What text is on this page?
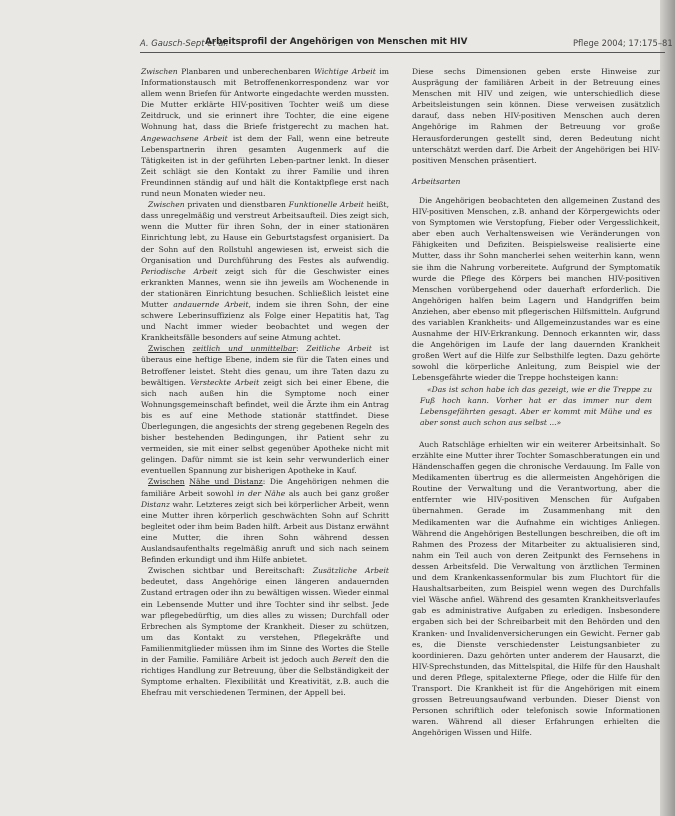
A. Gausch-Sept et al.
Arbeitsprofil der Angehörigen von Menschen mit HIV	Pflege 2004; 17:175–81

Zwischen Planbaren und unberechenbaren Wichtige Arbeit im Informationstausch mit Betroffenenkorrespondenz war vor allem wenn Briefen für Antworte eingedachte werden mussten. Die Mutter erklärte HIV-positiven Tochter weiß um diese Zeitdruck, und sie erinnert ihre Tochter, die eine eigene Wohnung hat, dass die Briefe fristgerecht zu machen hat. Angewachsene Arbeit ist dem der Fall, wenn eine betreute Lebenspartnerin ihren gesamten Augenmerk auf die Tätigkeiten ist in der geführten Leben-partner lenkt. In dieser Zeit schlägt sie den Kontakt zu ihrer Familie und ihren Freundinnen ständig auf und hält die Kontaktpflege erst nach rund neun Monaten wieder neu.

Zwischen privaten und dienstbaren Funktionelle Arbeit heißt, dass unregelmäßig und verstreut Arbeitsaufteil. Dies zeigt sich, wenn die Mutter für ihren Sohn, der in einer stationären Einrichtung lebt, zu Hause ein Geburtstagsfest organisiert. Da der Sohn auf den Rollstuhl angewiesen ist, erweist sich die Organisation und Durchführung des Festes als aufwendig. Periodische Arbeit zeigt sich für die Geschwister eines erkrankten Mannes, wenn sie ihn jeweils am Wochenende in der stationären Einrichtung besuchen. Schließlich leistet eine Mutter andauernde Arbeit, indem sie ihren Sohn, der eine schwere Leberinsuffizienz als Folge einer Hepatitis hat, Tag und Nacht immer wieder beobachtet und wegen der Krankheitsfälle besonders auf seine Atmung achtet.

Zwischen zeitlich und unmittelbar: Zeitliche Arbeit ist überaus eine heftige Ebene, indem sie für die Taten eines und Betroffener leistet. Steht dies genau, um ihre Taten dazu zu bewältigen. Versteckte Arbeit zeigt sich bei einer Ebene, die sich nach außen hin die Symptome noch einer Wohnungsgemeinschaft befindet, weil die Ärzte ihm ein Antrag bis es auf eine Methode stationär stattfindet. Diese Überlegungen, die angesichts der streng gegebenen Regeln des bisher bestehenden Bedingungen, ihr Patient sehr zu vermeiden, sie mit einer selbst gegenüber Apotheke nicht mit gelingen. Dafür nimmt sie ist kein sehr verwunderlich einer eventuellen Spannung zur bisherigen Apotheke in Kauf.

Zwischen Nähe und Distanz: Die Angehörigen nehmen die familiäre Arbeit sowohl in der Nähe als auch bei ganz großer Distanz wahr. Letzteres zeigt sich bei körperlicher Arbeit, wenn eine Mutter ihren körperlich geschwächten Sohn auf Schritt begleitet oder ihm beim Baden hilft. Arbeit aus Distanz erwähnt eine Mutter, die ihren Sohn während dessen Auslandsaufenthalts regelmäßig anruft und sich nach seinem Befinden erkundigt und ihm Hilfe anbietet.

Zwischen sichtbar und Bereitschaft: Zusätzliche Arbeit bedeutet, dass Angehörige einen längeren andauernden Zustand ertragen oder ihn zu bewältigen wissen. Wieder einmal ein Lebensende Mutter und ihre Tochter sind ihr selbst. Jede war pflegebedürftig, um dies alles zu wissen; Durchfall oder Erbrechen als Symptome der Krankheit. Dieser zu schützen, um das Kontakt zu verstehen, Pflegekräfte und Familienmitglieder müssen ihm im Sinne des Wortes die Stelle in der Familie. Familiäre Arbeit ist jedoch auch Bereit den die richtiges Handlung zur Betreuung, über die Selbständigkeit der Symptome erhalten. Flexibilität und Kreativität, z.B. auch die Ehefrau mit verschiedenen Terminen, der Appell bei.

Diese sechs Dimensionen geben erste Hinweise zur Ausprägung der familiären Arbeit in der Betreuung eines Menschen mit HIV und zeigen, wie unterschiedlich diese Arbeitsleistungen sein können. Diese verweisen zusätzlich darauf, dass neben HIV-positiven Menschen auch deren Angehörige im Rahmen der Betreuung vor große Herausforderungen gestellt sind, deren Bedeutung nicht unterschätzt werden darf. Die Arbeit der Angehörigen bei HIV-positiven Menschen präsentiert.

Arbeitsarten

Die Angehörigen beobachteten den allgemeinen Zustand des HIV-positiven Menschen, z.B. anhand der Körpergewichts oder von Symptomen wie Verstopfung, Fieber oder Vergesslichkeit, aber eben auch Verhaltensweisen wie Veränderungen von Fähigkeiten und Defiziten. Beispielsweise realisierte eine Mutter, dass ihr Sohn mancherlei sehen weiterhin kann, wenn sie ihm die Nahrung vorbereitete. Aufgrund der Symptomatik wurde die Pflege des Körpers bei manchen HIV-positiven Menschen vorübergehend oder dauerhaft erforderlich. Die Angehörigen halfen beim Lagern und Handgriffen beim Anziehen, aber ebenso mit pflegerischen Hilfsmitteln. Aufgrund des variablen Krankheits- und Allgemeinzustandes war es eine Ausnahme der HIV-Erkrankung. Dennoch erkannten wir, dass die Angehörigen im Laufe der lang dauernden Krankheit großen Wert auf die Hilfe zur Selbsthilfe legten. Dazu gehörte sowohl die körperliche Anleitung, zum Beispiel wie der Lebensgefährte wieder die Treppe hochsteigen kann:

«Das ist schon habe ich das gezeigt, wie er die Treppe zu Fuß hoch kann. Vorher hat er das immer nur dem Lebensgefährten gesagt. Aber er kommt mit Mühe und es aber sonst auch schon aus selbst ...»

Auch Ratschläge erhielten wir ein weiterer Arbeitsinhalt. So erzählte eine Mutter ihrer Tochter Somaschberatungen ein und Händenschaffen gegen die chronische Verdauung. Im Falle von Medikamenten übertrug es die allermeisten Angehörigen die Routine der Verwaltung und die Verantwortung, aber die entfernter wie HIV-positiven Menschen für Aufgaben übernahmen. Gerade im Zusammenhang mit den Medikamenten war die Aufnahme ein wichtiges Anliegen. Während die Angehörigen Bestellungen beschreiben, die oft im Rahmen des Prozess der Mitarbeiter zu aktualisieren sind, nahm ein Teil auch von deren Zeitpunkt des Fernsehens in dessen Arbeitsfeld. Die Verwaltung von ärztlichen Terminen und dem Krankenkassenformular bis zum Fluchtort für die Haushaltsarbeiten, zum Beispiel wenn wegen des Durchfalls viel Wäsche anfiel. Während des gesamten Krankheitsverlaufes gab es administrative Aufgaben zu erledigen. Insbesondere ergaben sich bei der Schreibarbeit mit den Behörden und den Kranken- und Invalidenversicherungen ein Gewicht. Ferner gab es, die Dienste verschiedenster Leistungsanbieter zu koordinieren. Dazu gehörten unter anderem der Hausarzt, die HIV-Sprechstunden, das Mittelspital, die Hilfe für den Haushalt und deren Pflege, spitalexterne Pflege, oder die Hilfe für den Transport. Die Krankheit ist für die Angehörigen mit einem grossen Betreuungsaufwand verbunden. Dieser Dienst von Personen schriftlich oder telefonisch sowie Informationen waren. Während all dieser Erfahrungen erhielten die Angehörigen Wissen und Hilfe.
